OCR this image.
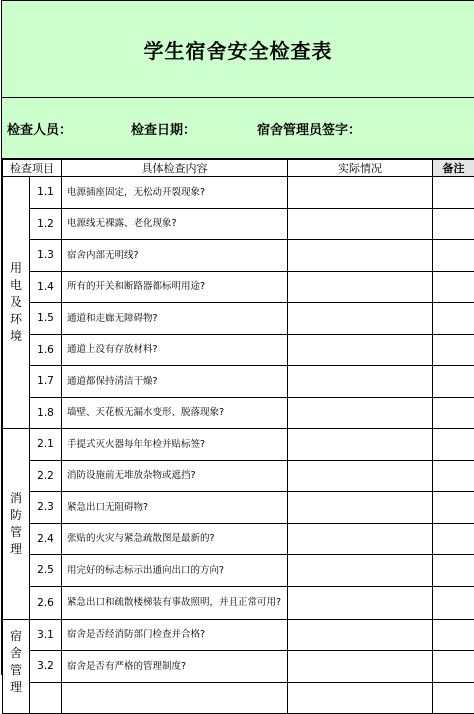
学生宿舍安全检查表
检查人员：	检查日期：	宿舍管理员签字：
检查项目		具体检查内容	实际情况	备注
用电及环境	1.1	电源插座固定，无松动开裂现象?		
	1.2	电源线无裸露、老化现象?		
	1.3	宿舍内部无明线?		
	1.4	所有的开关和断路器都标明用途?		
	1.5	通道和走廊无障碍物?		
	1.6	通道上没有存放材料?		
	1.7	通道都保持清洁干燥?		
	1.8	墙壁、天花板无漏水变形、脱落现象?		
消防管理	2.1	手提式灭火器每年年检并贴标签?		
	2.2	消防设施前无堆放杂物或遮挡?		
	2.3	紧急出口无阻碍物?		
	2.4	张贴的火灾与紧急疏散图是最新的?		
	2.5	用完好的标志标示出通向出口的方向?		
	2.6	紧急出口和疏散楼梯装有事故照明，并且正常可用?		
宿舍管理	3.1	宿舍是否经消防部门检查并合格?		
	3.2	宿舍是否有严格的管理制度?		
